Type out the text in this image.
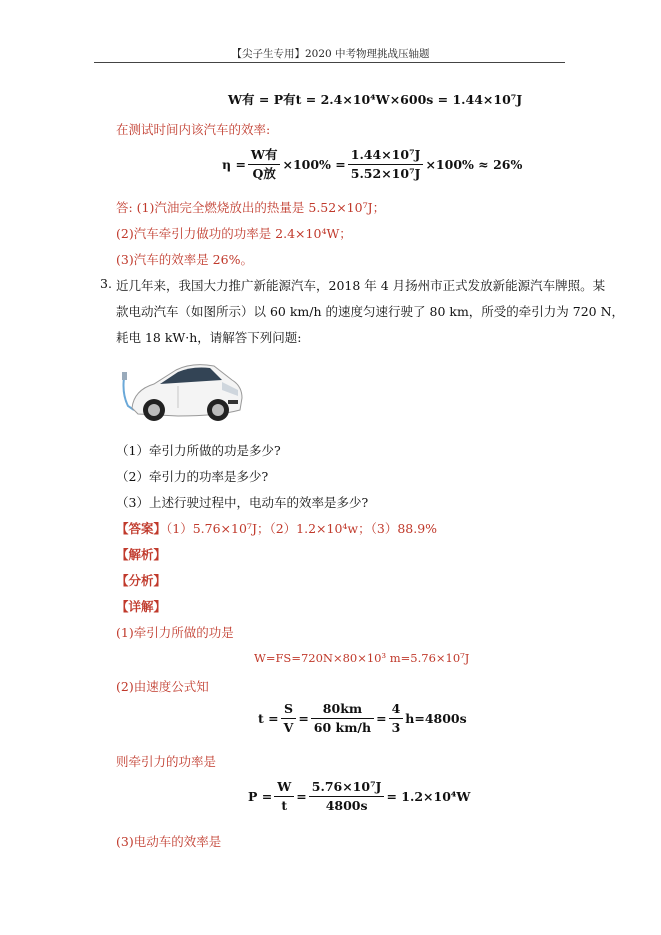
【尖子生专用】2020 中考物理挑战压轴题
W有 = P有t = 2.4×10⁴W×600s = 1.44×10⁷J
在测试时间内该汽车的效率:
$\eta = \frac{\text{W有}}{\text{Q放}} \times 100\% = \frac{\text{1.44×10⁷J}}{\text{5.52×10⁷J}} \times 100\% \approx 26\%$
答: (1)汽油完全燃烧放出的热量是 5.52×10⁷J；
(2)汽车牵引力做功的功率是 2.4×10⁴W；
(3)汽车的效率是 26%。
3. 近几年来，我国大力推广新能源汽车，2018 年 4 月扬州市正式发放新能源汽车牌照。某
款电动汽车（如图所示）以 60 km/h 的速度匀速行驶了 80 km，所受的牵引力为 720 N，
耗电 18 kW·h，请解答下列问题:
（1）牵引力所做的功是多少?
（2）牵引力的功率是多少?
（3）上述行驶过程中，电动车的效率是多少?
【答案】（1）5.76×10⁷J；（2）1.2×10⁴w；（3）88.9%
【解析】
【分析】
【详解】
(1)牵引力所做的功是
W=FS=720N×80×10³ m=5.76×10⁷J
(2)由速度公式知
$t = \frac{S}{V} = \frac{80km}{60 km/h} = \frac{4}{3} h=4800s$
则牵引力的功率是
$P = \frac{W}{t} = \frac{\text{5.76×10⁷J}}{4800s} = 1.2\times 10^4W$
(3)电动车的效率是
